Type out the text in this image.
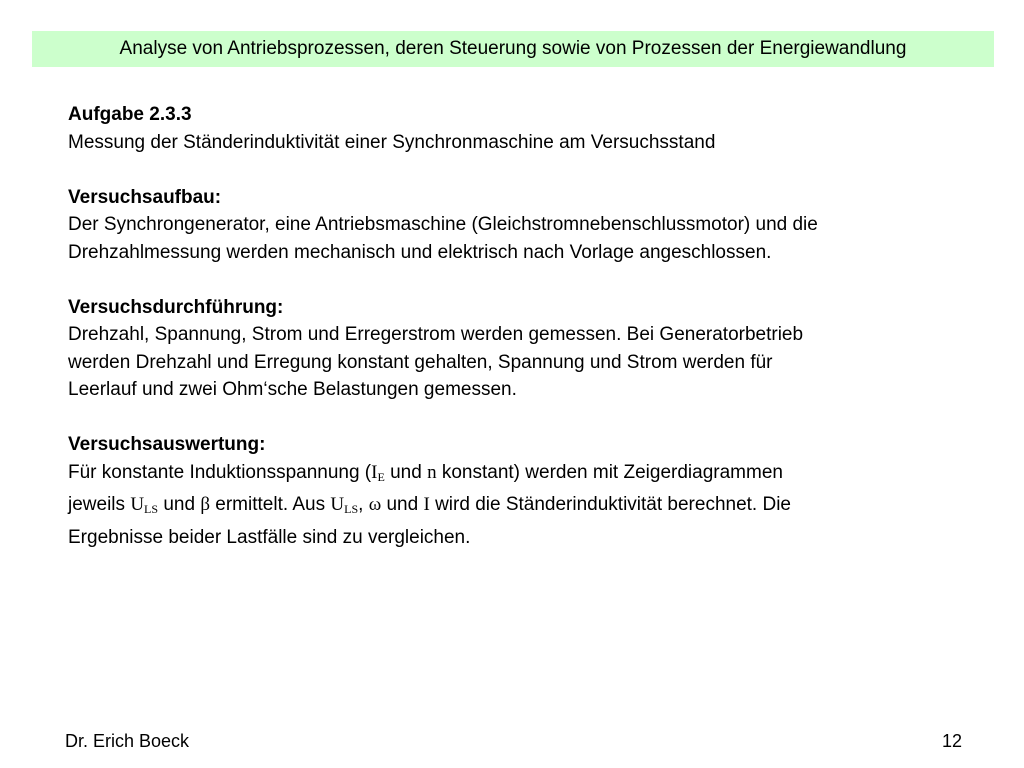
Analyse von Antriebsprozessen, deren Steuerung sowie von Prozessen der Energiewandlung

Aufgabe 2.3.3

Messung der Ständerinduktivität einer Synchronmaschine am Versuchsstand

Versuchsaufbau:

Der Synchrongenerator, eine Antriebsmaschine (Gleichstromnebenschlussmotor) und die

Drehzahlmessung werden mechanisch und elektrisch nach Vorlage angeschlossen.

Versuchsdurchführung:

Drehzahl, Spannung, Strom und Erregerstrom werden gemessen. Bei Generatorbetrieb

werden Drehzahl und Erregung konstant gehalten, Spannung und Strom werden für

Leerlauf und zwei Ohm‘sche Belastungen gemessen.

Versuchsauswertung:

Für konstante Induktionsspannung ($I_E$ und n konstant) werden mit Zeigerdiagrammen

jeweils $U_{LS}$ und β ermittelt. Aus $U_{LS}$, ω und I wird die Ständerinduktivität berechnet. Die

Ergebnisse beider Lastfälle sind zu vergleichen.

Dr. Erich Boeck	12
